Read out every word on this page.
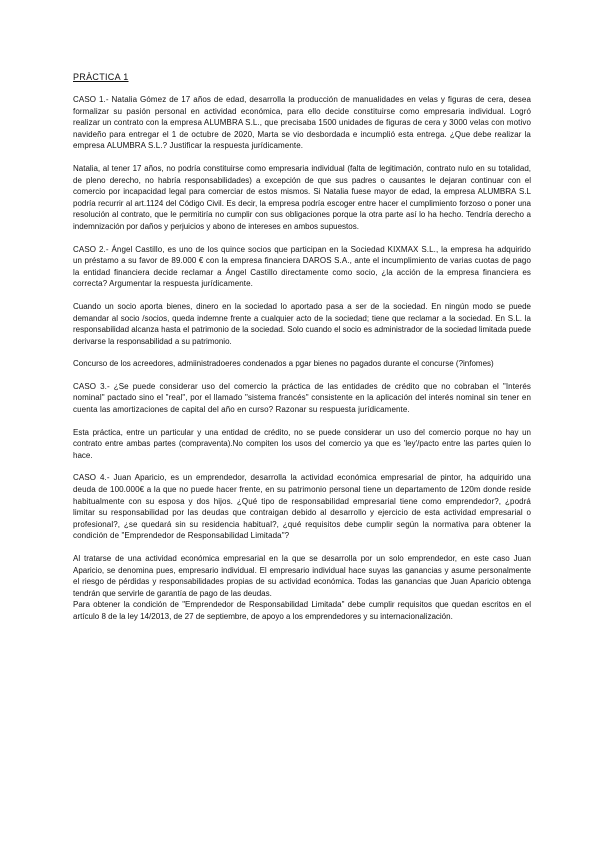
PRÀCTICA 1

CASO 1.- Natalia Gómez de 17 años de edad, desarrolla la producción de manualidades en velas y figuras de cera, desea formalizar su pasión personal en actividad económica, para ello decide constituirse como empresaria individual. Logró realizar un contrato con la empresa ALUMBRA S.L., que precisaba 1500 unidades de figuras de cera y 3000 velas con motivo navideño para entregar el 1 de octubre de 2020, Marta se vio desbordada e incumplió esta entrega. ¿Que debe realizar la empresa ALUMBRA S.L.? Justificar la respuesta jurídicamente.

Natalia, al tener 17 años, no podría constituirse como empresaria individual (falta de legitimación, contrato nulo en su totalidad, de pleno derecho, no habría responsabilidades) a excepción de que sus padres o causantes le dejaran continuar con el comercio por incapacidad legal para comerciar de estos mismos. Si Natalia fuese mayor de edad, la empresa ALUMBRA S.L podría recurrir al art.1124 del Código Civil. Es decir, la empresa podría escoger entre hacer el cumplimiento forzoso o poner una resolución al contrato, que le permitiría no cumplir con sus obligaciones porque la otra parte así lo ha hecho. Tendría derecho a indemnización por daños y perjuicios y abono de intereses en ambos supuestos.

CASO 2.- Ángel Castillo, es uno de los quince socios que participan en la Sociedad KIXMAX S.L., la empresa ha adquirido un préstamo a su favor de 89.000 € con la empresa financiera DAROS S.A., ante el incumplimiento de varias cuotas de pago la entidad financiera decide reclamar a Ángel Castillo directamente como socio, ¿la acción de la empresa financiera es correcta? Argumentar la respuesta jurídicamente.

Cuando un socio aporta bienes, dinero en la sociedad lo aportado pasa a ser de la sociedad. En ningún modo se puede demandar al socio /socios, queda indemne frente a cualquier acto de la sociedad; tiene que reclamar a la sociedad. En S.L. la responsabilidad alcanza hasta el patrimonio de la sociedad. Solo cuando el socio es administrador de la sociedad limitada puede derivarse la responsabilidad a su patrimonio.

Concurso de los acreedores, admiinistradoeres condenados a pgar bienes no pagados durante el concurse (?infomes)

CASO 3.- ¿Se puede considerar uso del comercio la práctica de las entidades de crédito que no cobraban el "Interés nominal" pactado sino el "real", por el llamado "sistema francés" consistente en la aplicación del interés nominal sin tener en cuenta las amortizaciones de capital del año en curso? Razonar su respuesta jurídicamente.

Esta práctica, entre un particular y una entidad de crédito, no se puede considerar un uso del comercio porque no hay un contrato entre ambas partes (compraventa).No compiten los usos del comercio ya que es 'ley'/pacto entre las partes quien lo hace.

CASO 4.- Juan Aparicio, es un emprendedor, desarrolla la actividad económica empresarial de pintor, ha adquirido una deuda de 100.000€ a la que no puede hacer frente, en su patrimonio personal tiene un departamento de 120m donde reside habitualmente con su esposa y dos hijos. ¿Qué tipo de responsabilidad empresarial tiene como emprendedor?, ¿podrá limitar su responsabilidad por las deudas que contraigan debido al desarrollo y ejercicio de esta actividad empresarial o profesional?, ¿se quedará sin su residencia habitual?, ¿qué requisitos debe cumplir según la normativa para obtener la condición de "Emprendedor de Responsabilidad Limitada"?

Al tratarse de una actividad económica empresarial en la que se desarrolla por un solo emprendedor, en este caso Juan Aparicio, se denomina pues, empresario individual. El empresario individual hace suyas las ganancias y asume personalmente el riesgo de pérdidas y responsabilidades propias de su actividad económica. Todas las ganancias que Juan Aparicio obtenga tendrán que servirle de garantía de pago de las deudas.

Para obtener la condición de "Emprendedor de Responsabilidad Limitada" debe cumplir requisitos que quedan escritos en el artículo 8 de la ley 14/2013, de 27 de septiembre, de apoyo a los emprendedores y su internacionalización.
